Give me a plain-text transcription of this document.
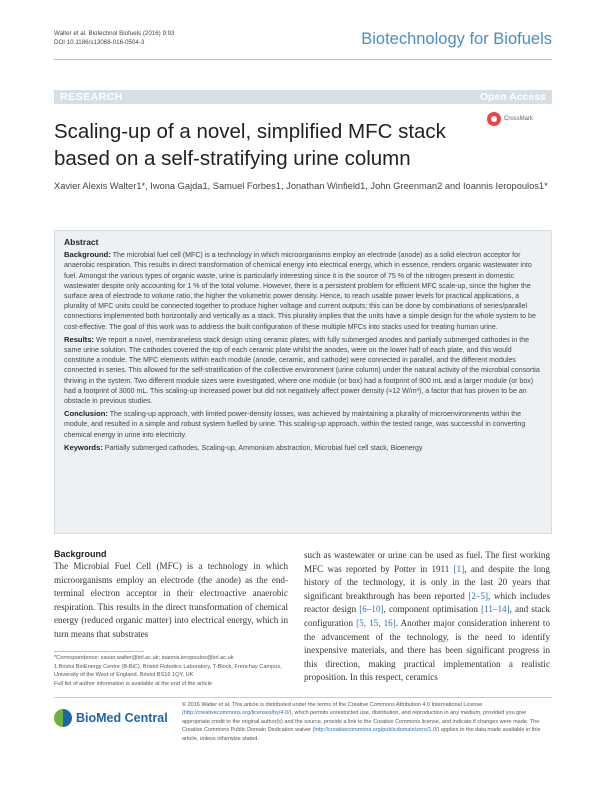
Walter et al. Biotechnol Biofuels (2016) 9:93
DOI 10.1186/s13068-016-0504-3	Biotechnology for Biofuels
RESEARCH	Open Access
Scaling-up of a novel, simplified MFC stack based on a self-stratifying urine column
CrossMark
Xavier Alexis Walter1*, Iwona Gajda1, Samuel Forbes1, Jonathan Winfield1, John Greenman2 and Ioannis Ieropoulos1*
Abstract

Background: The microbial fuel cell (MFC) is a technology in which microorganisms employ an electrode (anode) as a solid electron acceptor for anaerobic respiration. This results in direct transformation of chemical energy into electrical energy, which in essence, renders organic wastewater into fuel. Amongst the various types of organic waste, urine is particularly interesting since it is the source of 75 % of the nitrogen present in domestic wastewater despite only accounting for 1 % of the total volume. However, there is a persistent problem for efficient MFC scale-up, since the higher the surface area of electrode to volume ratio, the higher the volumetric power density. Hence, to reach usable power levels for practical applications, a plurality of MFC units could be connected together to produce higher voltage and current outputs; this can be done by combinations of series/parallel connections implemented both horizontally and vertically as a stack. This plurality implies that the units have a simple design for the whole system to be cost-effective. The goal of this work was to address the built configuration of these multiple MFCs into stacks used for treating human urine.

Results: We report a novel, membraneless stack design using ceramic plates, with fully submerged anodes and partially submerged cathodes in the same urine solution. The cathodes covered the top of each ceramic plate whilst the anodes, were on the lower half of each plate, and this would constitute a module. The MFC elements within each module (anode, ceramic, and cathode) were connected in parallel, and the different modules connected in series. This allowed for the self-stratification of the collective environment (urine column) under the natural activity of the microbial consortia thriving in the system. Two different module sizes were investigated, where one module (or box) had a footprint of 900 mL and a larger module (or box) had a footprint of 3000 mL. This scaling-up increased power but did not negatively affect power density (≈12 W/m³), a factor that has proven to be an obstacle in previous studies.

Conclusion: The scaling-up approach, with limited power-density losses, was achieved by maintaining a plurality of microenvironments within the module, and resulted in a simple and robust system fuelled by urine. This scaling-up approach, within the tested range, was successful in converting chemical energy in urine into electricity.

Keywords: Partially submerged cathodes, Scaling-up, Ammonium abstraction, Microbial fuel cell stack, Bioenergy

Background
The Microbial Fuel Cell (MFC) is a technology in which microorganisms employ an electrode (the anode) as the end-terminal electron acceptor in their electroactive anaerobic respiration. This results in the direct transformation of chemical energy (reduced organic matter) into electrical energy, which in turn means that substrates
such as wastewater or urine can be used as fuel. The first working MFC was reported by Potter in 1911 [1], and despite the long history of the technology, it is only in the last 20 years that significant breakthrough has been reported [2–5], which includes reactor design [6–10], component optimisation [11–14], and stack configuration [5, 15, 16]. Another major consideration inherent to the advancement of the technology, is the need to identify inexpensive materials, and there has been significant progress in this direction, making practical implementation a realistic proposition. In this respect, ceramics
*Correspondence: xavier.walter@brl.ac.uk; ioannis.ieropoulos@brl.ac.uk
1 Bristol BioEnergy Centre (B-BiC), Bristol Robotics Laboratory, T-Block, Frenchay Campus, University of the West of England, Bristol BS16 1QY, UK
Full list of author information is available at the end of the article
BioMed Central
© 2016 Walter et al. This article is distributed under the terms of the Creative Commons Attribution 4.0 International License (http://creativecommons.org/licenses/by/4.0/), which permits unrestricted use, distribution, and reproduction in any medium, provided you give appropriate credit to the original author(s) and the source, provide a link to the Creative Commons license, and indicate if changes were made. The Creative Commons Public Domain Dedication waiver (http://creativecommons.org/publicdomain/zero/1.0/) applies to the data made available in this article, unless otherwise stated.
